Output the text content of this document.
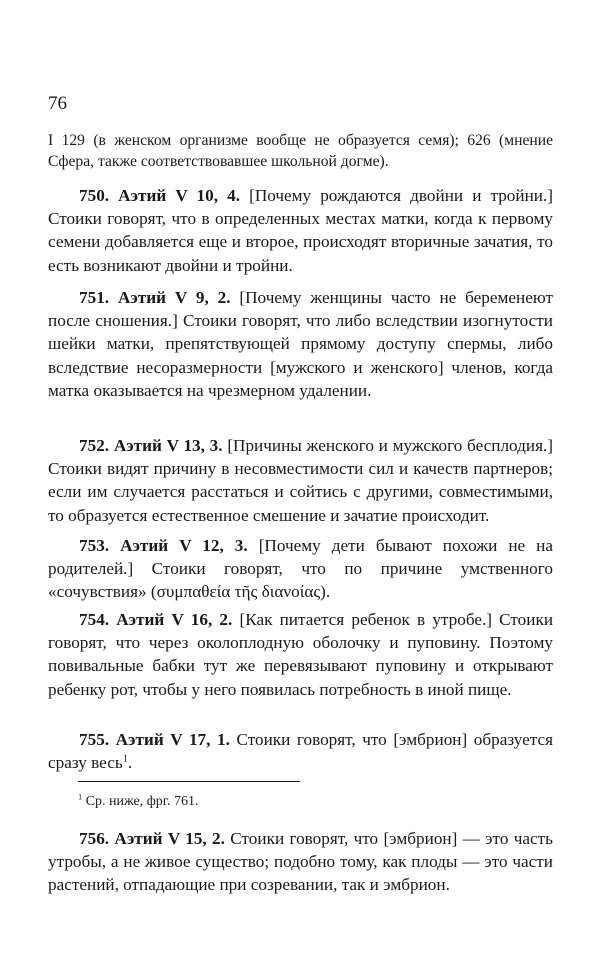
76

I 129 (в женском организме вообще не образуется семя); 626 (мнение Сфера, также соответствовавшее школьной догме).

750. Аэтий V 10, 4. [Почему рождаются двойни и тройни.] Стоики говорят, что в определенных местах матки, когда к первому семени добавляется еще и второе, происходят вторичные зачатия, то есть возникают двойни и тройни.

751. Аэтий V 9, 2. [Почему женщины часто не беременеют после сношения.] Стоики говорят, что либо вследствии изогнутости шейки матки, препятствующей прямому доступу спермы, либо вследствие несоразмерности [мужского и женского] членов, когда матка оказывается на чрезмерном удалении.

752. Аэтий V 13, 3. [Причины женского и мужского бесплодия.] Стоики видят причину в несовместимости сил и качеств партнеров; если им случается расстаться и сойтись с другими, совместимыми, то образуется естественное смешение и зачатие происходит.

753. Аэтий V 12, 3. [Почему дети бывают похожи не на родителей.] Стоики говорят, что по причине умственного «сочувствия» (συμπαθεία τῆς διανοίας).

754. Аэтий V 16, 2. [Как питается ребенок в утробе.] Стоики говорят, что через околоплодную оболочку и пуповину. Поэтому повивальные бабки тут же перевязывают пуповину и открывают ребенку рот, чтобы у него появилась потребность в иной пище.

755. Аэтий V 17, 1. Стоики говорят, что [эмбрион] образуется сразу весь$^1$.

$^1$ Ср. ниже, фрг. 761.

756. Аэтий V 15, 2. Стоики говорят, что [эмбрион] — это часть утробы, а не живое существо; подобно тому, как плоды — это части растений, отпадающие при созревании, так и эмбрион.
